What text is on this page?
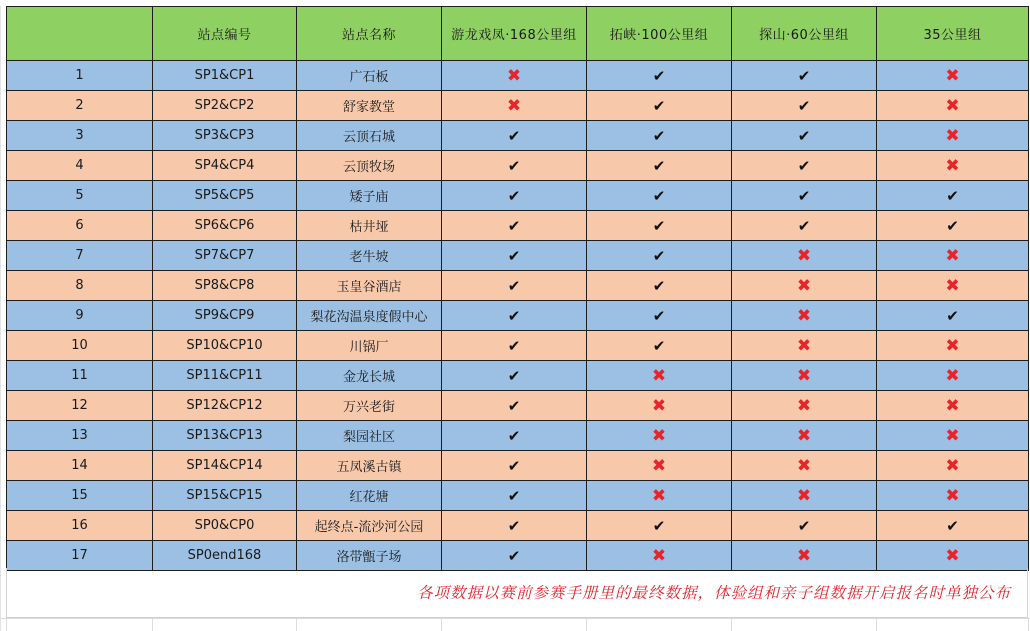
	站点编号	站点名称	游龙戏凤·168公里组	拓峡·100公里组	探山·60公里组	35公里组
1	SP1&CP1	广石板	✖	✔	✔	✖
2	SP2&CP2	舒家教堂	✖	✔	✔	✖
3	SP3&CP3	云顶石城	✔	✔	✔	✖
4	SP4&CP4	云顶牧场	✔	✔	✔	✖
5	SP5&CP5	矮子庙	✔	✔	✔	✔
6	SP6&CP6	枯井垭	✔	✔	✔	✔
7	SP7&CP7	老牛坡	✔	✔	✖	✖
8	SP8&CP8	玉皇谷酒店	✔	✔	✖	✖
9	SP9&CP9	梨花沟温泉度假中心	✔	✔	✖	✔
10	SP10&CP10	川锅厂	✔	✔	✖	✖
11	SP11&CP11	金龙长城	✔	✖	✖	✖
12	SP12&CP12	万兴老街	✔	✖	✖	✖
13	SP13&CP13	梨园社区	✔	✖	✖	✖
14	SP14&CP14	五凤溪古镇	✔	✖	✖	✖
15	SP15&CP15	红花塘	✔	✖	✖	✖
16	SP0&CP0	起终点-流沙河公园	✔	✔	✔	✔
17	SP0end168	洛带甑子场	✔	✖	✖	✖
各项数据以赛前参赛手册里的最终数据，体验组和亲子组数据开启报名时单独公布
